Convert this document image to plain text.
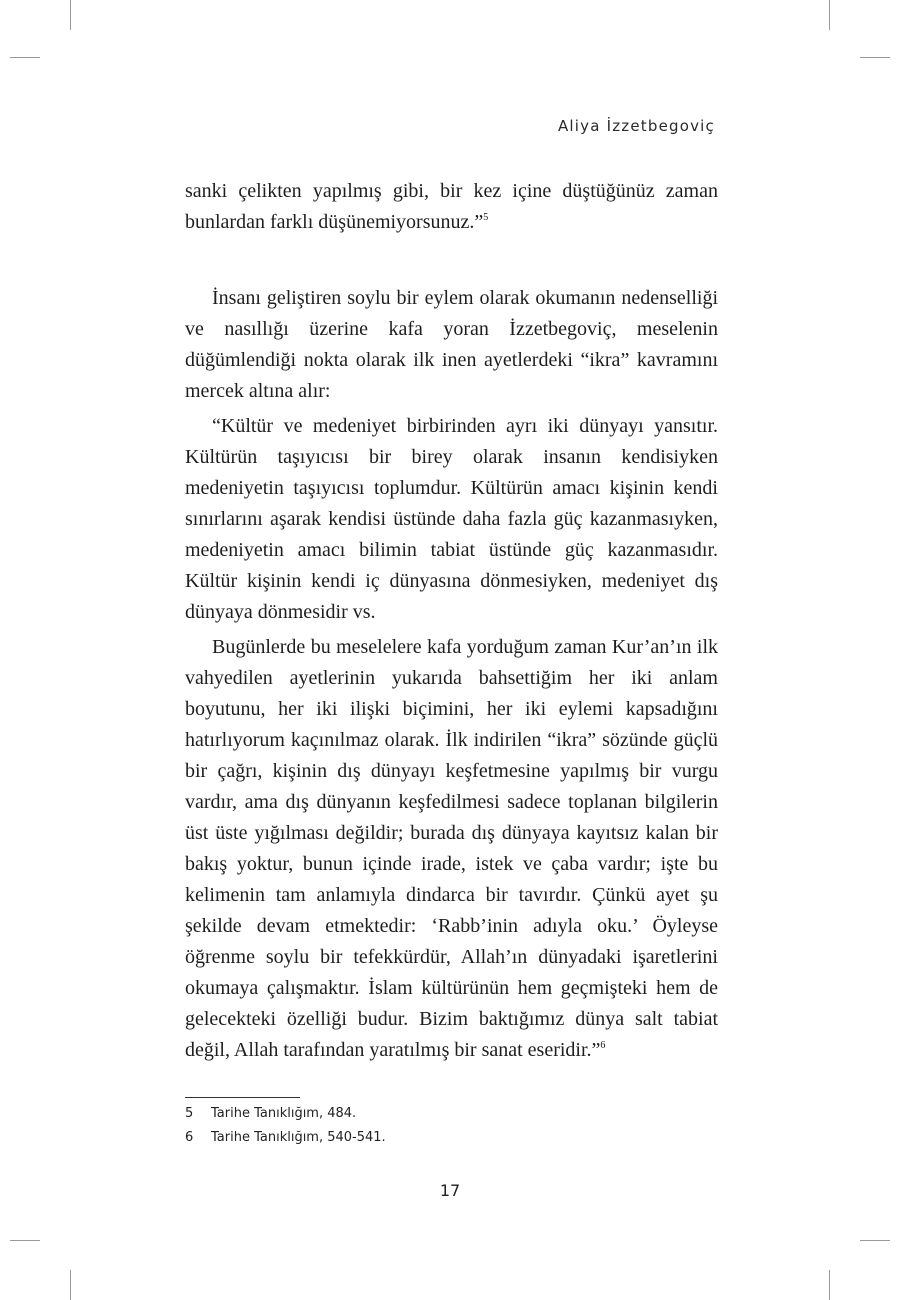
Aliya İzzetbegoviç

sanki çelikten yapılmış gibi, bir kez içine düştüğünüz zaman bunlardan farklı düşünemiyorsunuz.”$^5$

İnsanı geliştiren soylu bir eylem olarak okumanın nedenselliği ve nasıllığı üzerine kafa yoran İzzetbegoviç, meselenin düğümlendiği nokta olarak ilk inen ayetlerdeki “ikra” kavramını mercek altına alır:

“Kültür ve medeniyet birbirinden ayrı iki dünyayı yansıtır. Kültürün taşıyıcısı bir birey olarak insanın kendisiyken medeniyetin taşıyıcısı toplumdur. Kültürün amacı kişinin kendi sınırlarını aşarak kendisi üstünde daha fazla güç kazanmasıyken, medeniyetin amacı bilimin tabiat üstünde güç kazanmasıdır. Kültür kişinin kendi iç dünyasına dönmesiyken, medeniyet dış dünyaya dönmesidir vs.

Bugünlerde bu meselelere kafa yorduğum zaman Kur’an’ın ilk vahyedilen ayetlerinin yukarıda bahsettiğim her iki anlam boyutunu, her iki ilişki biçimini, her iki eylemi kapsadığını hatırlıyorum kaçınılmaz olarak. İlk indirilen “ikra” sözünde güçlü bir çağrı, kişinin dış dünyayı keşfetmesine yapılmış bir vurgu vardır, ama dış dünyanın keşfedilmesi sadece toplanan bilgilerin üst üste yığılması değildir; burada dış dünyaya kayıtsız kalan bir bakış yoktur, bunun içinde irade, istek ve çaba vardır; işte bu kelimenin tam anlamıyla dindarca bir tavırdır. Çünkü ayet şu şekilde devam etmektedir: ‘Rabb’inin adıyla oku.’ Öyleyse öğrenme soylu bir tefekkürdür, Allah’ın dünyadaki işaretlerini okumaya çalışmaktır. İslam kültürünün hem geçmişteki hem de gelecekteki özelliği budur. Bizim baktığımız dünya salt tabiat değil, Allah tarafından yaratılmış bir sanat eseridir.”$^6$

5	Tarihe Tanıklığım, 484.
6	Tarihe Tanıklığım, 540-541.
17
